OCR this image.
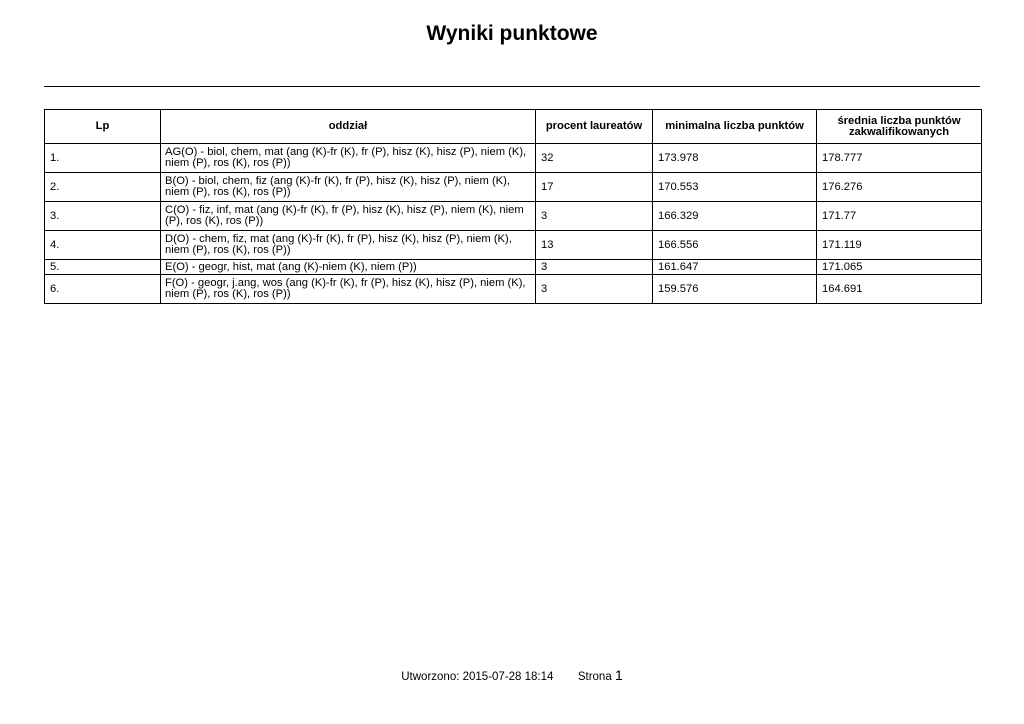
Wyniki punktowe
Lp	oddział	procent laureatów	minimalna liczba punktów	średnia liczba punktów zakwalifikowanych
1.	AG(O) - biol, chem, mat (ang (K)-fr (K), fr (P), hisz (K), hisz (P), niem (K), niem (P), ros (K), ros (P))	32	173.978	178.777
2.	B(O) - biol, chem, fiz (ang (K)-fr (K), fr (P), hisz (K), hisz (P), niem (K), niem (P), ros (K), ros (P))	17	170.553	176.276
3.	C(O) - fiz, inf, mat (ang (K)-fr (K), fr (P), hisz (K), hisz (P), niem (K), niem (P), ros (K), ros (P))	3	166.329	171.77
4.	D(O) - chem, fiz, mat (ang (K)-fr (K), fr (P), hisz (K), hisz (P), niem (K), niem (P), ros (K), ros (P))	13	166.556	171.119
5.	E(O) - geogr, hist, mat (ang (K)-niem (K), niem (P))	3	161.647	171.065
6.	F(O) - geogr, j.ang, wos (ang (K)-fr (K), fr (P), hisz (K), hisz (P), niem (K), niem (P), ros (K), ros (P))	3	159.576	164.691
Utworzono: 2015-07-28 18:14 Strona 1
